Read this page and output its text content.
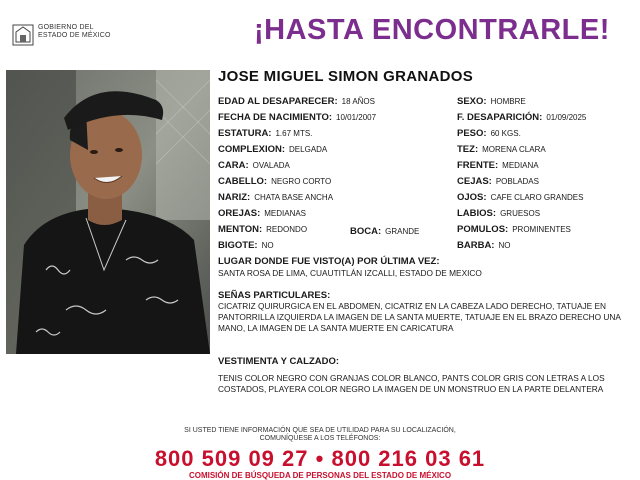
GOBIERNO DEL
ESTADO DE MÉXICO	¡HASTA ENCONTRARLE!
JOSE MIGUEL SIMON GRANADOS
EDAD AL DESAPARECER: 18 AÑOS
FECHA DE NACIMIENTO: 10/01/2007
ESTATURA: 1.67 MTS.
COMPLEXION: DELGADA
CARA: OVALADA
CABELLO: NEGRO CORTO
NARIZ: CHATA BASE ANCHA
OREJAS: MEDIANAS
MENTON: REDONDO
BIGOTE: NO
BOCA: GRANDE
SEXO: HOMBRE
F. DESAPARICIÓN: 01/09/2025
PESO: 60 KGS.
TEZ: MORENA CLARA
FRENTE: MEDIANA
CEJAS: POBLADAS
OJOS: CAFE CLARO GRANDES
LABIOS: GRUESOS
POMULOS: PROMINENTES
BARBA: NO
LUGAR DONDE FUE VISTO(A) POR ÚLTIMA VEZ:
SANTA ROSA DE LIMA, CUAUTITLÁN IZCALLI, ESTADO DE MEXICO
SEÑAS PARTICULARES:
CICATRIZ QUIRURGICA EN EL ABDOMEN, CICATRIZ EN LA CABEZA LADO DERECHO, TATUAJE EN PANTORRILLA IZQUIERDA LA IMAGEN DE LA SANTA MUERTE, TATUAJE EN EL BRAZO DERECHO UNA MANO, LA IMAGEN DE LA SANTA MUERTE EN CARICATURA
VESTIMENTA Y CALZADO:
TENIS COLOR NEGRO CON GRANJAS COLOR BLANCO, PANTS COLOR GRIS CON LETRAS A LOS COSTADOS, PLAYERA COLOR NEGRO LA IMAGEN DE UN MONSTRUO EN LA PARTE DELANTERA
SI USTED TIENE INFORMACIÓN QUE SEA DE UTILIDAD PARA SU LOCALIZACIÓN,
COMUNÍQUESE A LOS TELÉFONOS:
800 509 09 27 • 800 216 03 61
COMISIÓN DE BÚSQUEDA DE PERSONAS DEL ESTADO DE MÉXICO
